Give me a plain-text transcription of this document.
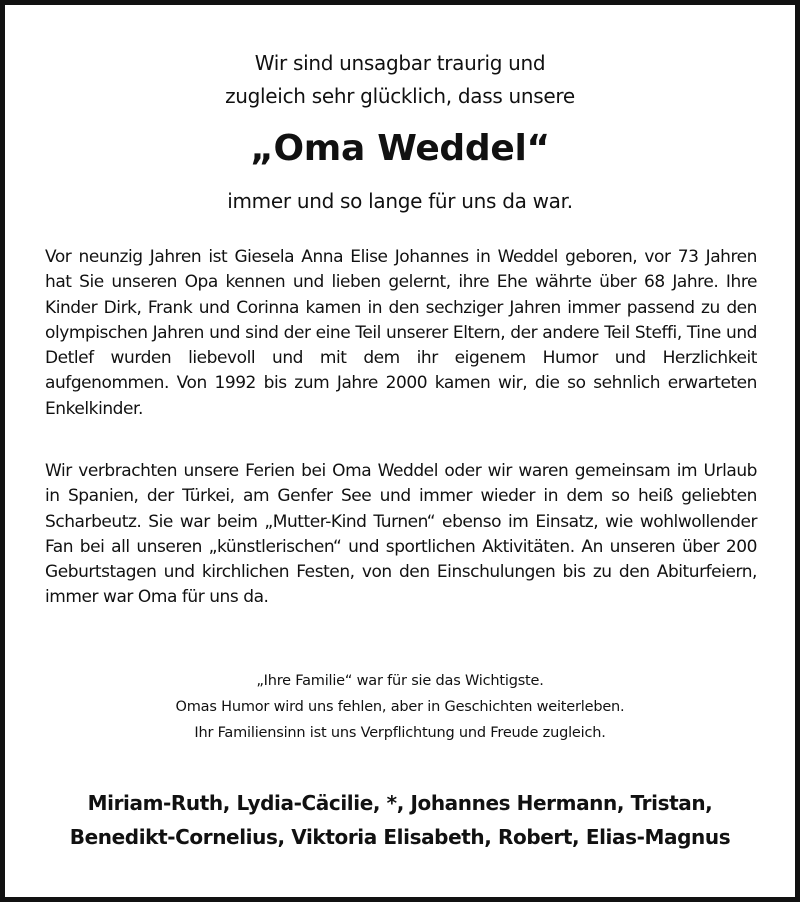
Wir sind unsagbar traurig und
zugleich sehr glücklich, dass unsere
„Oma Weddel“
immer und so lange für uns da war.

Vor neunzig Jahren ist Giesela Anna Elise Johannes in Weddel geboren, vor 73 Jahren hat Sie unseren Opa kennen und lieben gelernt, ihre Ehe währte über 68 Jahre. Ihre Kinder Dirk, Frank und Corinna kamen in den sechziger Jahren immer passend zu den olympischen Jahren und sind der eine Teil unserer Eltern, der andere Teil Steffi, Tine und Detlef wurden liebevoll und mit dem ihr eigenem Humor und Herzlichkeit aufgenommen. Von 1992 bis zum Jahre 2000 kamen wir, die so sehnlich erwarteten Enkelkinder.

Wir verbrachten unsere Ferien bei Oma Weddel oder wir waren gemeinsam im Urlaub in Spanien, der Türkei, am Genfer See und immer wieder in dem so heiß geliebten Scharbeutz. Sie war beim „Mutter-Kind Turnen“ ebenso im Einsatz, wie wohlwollender Fan bei all unseren „künstlerischen“ und sportlichen Aktivitäten. An unseren über 200 Geburtstagen und kirchlichen Festen, von den Einschulungen bis zu den Abiturfeiern, immer war Oma für uns da.

„Ihre Familie“ war für sie das Wichtigste.
Omas Humor wird uns fehlen, aber in Geschichten weiterleben.
Ihr Familiensinn ist uns Verpflichtung und Freude zugleich.
Miriam-Ruth, Lydia-Cäcilie, *, Johannes Hermann, Tristan,
Benedikt-Cornelius, Viktoria Elisabeth, Robert, Elias-Magnus
